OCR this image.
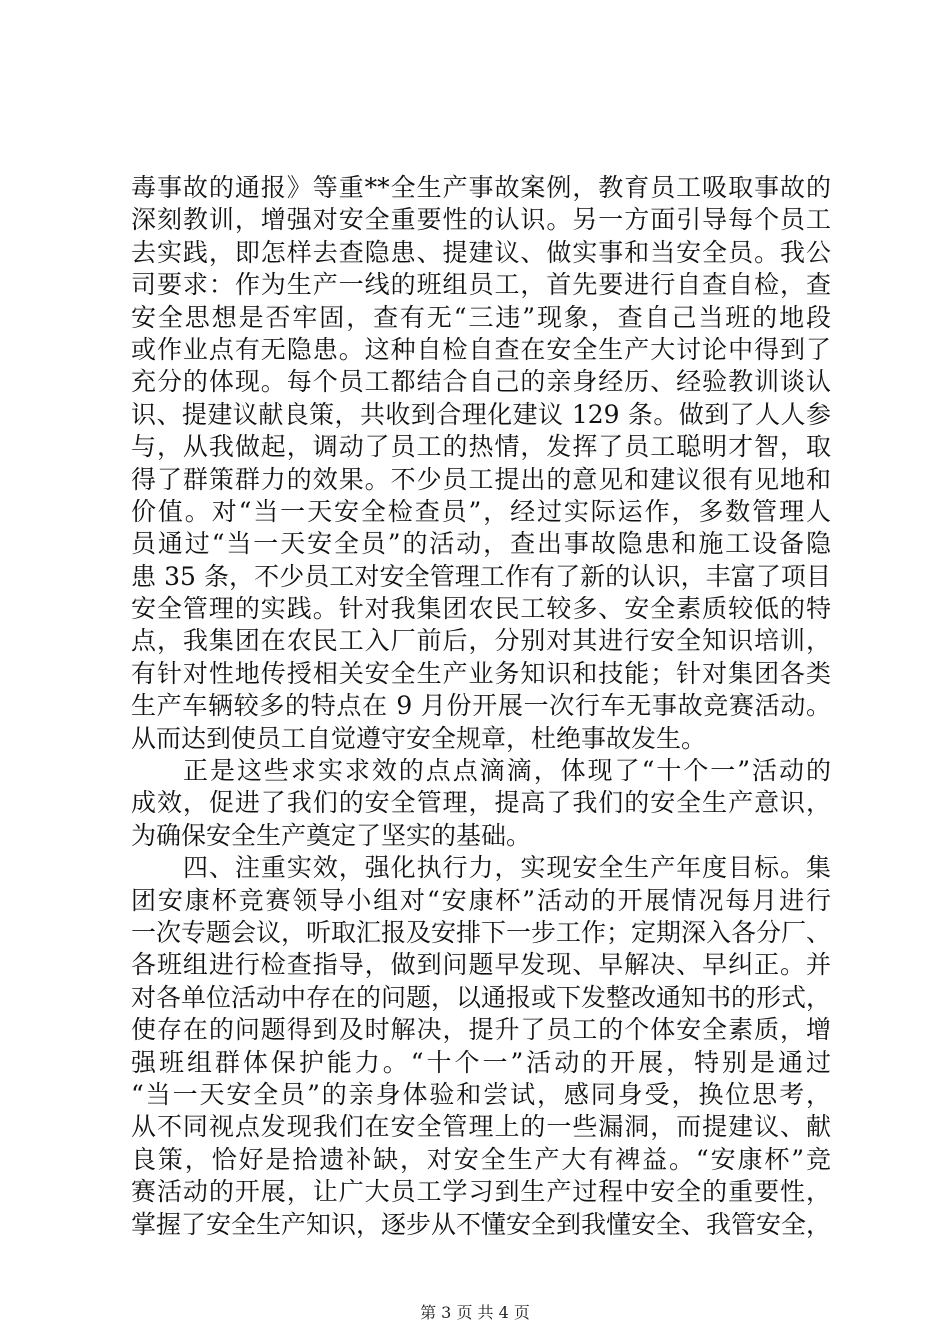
毒事故的通报》等重**全生产事故案例，教育员工吸取事故的
深刻教训，增强对安全重要性的认识。另一方面引导每个员工
去实践，即怎样去查隐患、提建议、做实事和当安全员。我公
司要求：作为生产一线的班组员工，首先要进行自查自检，查
安全思想是否牢固，查有无“三违”现象，查自己当班的地段
或作业点有无隐患。这种自检自查在安全生产大讨论中得到了
充分的体现。每个员工都结合自己的亲身经历、经验教训谈认
识、提建议献良策，共收到合理化建议 129 条。做到了人人参
与，从我做起，调动了员工的热情，发挥了员工聪明才智，取
得了群策群力的效果。不少员工提出的意见和建议很有见地和
价值。对“当一天安全检查员”，经过实际运作，多数管理人
员通过“当一天安全员”的活动，查出事故隐患和施工设备隐
患 35 条，不少员工对安全管理工作有了新的认识，丰富了项目
安全管理的实践。针对我集团农民工较多、安全素质较低的特
点，我集团在农民工入厂前后，分别对其进行安全知识培训，
有针对性地传授相关安全生产业务知识和技能；针对集团各类
生产车辆较多的特点在 9 月份开展一次行车无事故竞赛活动。
从而达到使员工自觉遵守安全规章，杜绝事故发生。
正是这些求实求效的点点滴滴，体现了“十个一”活动的
成效，促进了我们的安全管理，提高了我们的安全生产意识，
为确保安全生产奠定了坚实的基础。
四、注重实效，强化执行力，实现安全生产年度目标。集
团安康杯竞赛领导小组对“安康杯”活动的开展情况每月进行
一次专题会议，听取汇报及安排下一步工作；定期深入各分厂、
各班组进行检查指导，做到问题早发现、早解决、早纠正。并
对各单位活动中存在的问题，以通报或下发整改通知书的形式，
使存在的问题得到及时解决，提升了员工的个体安全素质，增
强班组群体保护能力。“十个一”活动的开展，特别是通过
“当一天安全员”的亲身体验和尝试，感同身受，换位思考，
从不同视点发现我们在安全管理上的一些漏洞，而提建议、献
良策，恰好是拾遗补缺，对安全生产大有裨益。“安康杯”竞
赛活动的开展，让广大员工学习到生产过程中安全的重要性，
掌握了安全生产知识，逐步从不懂安全到我懂安全、我管安全，
第 3 页 共 4 页
